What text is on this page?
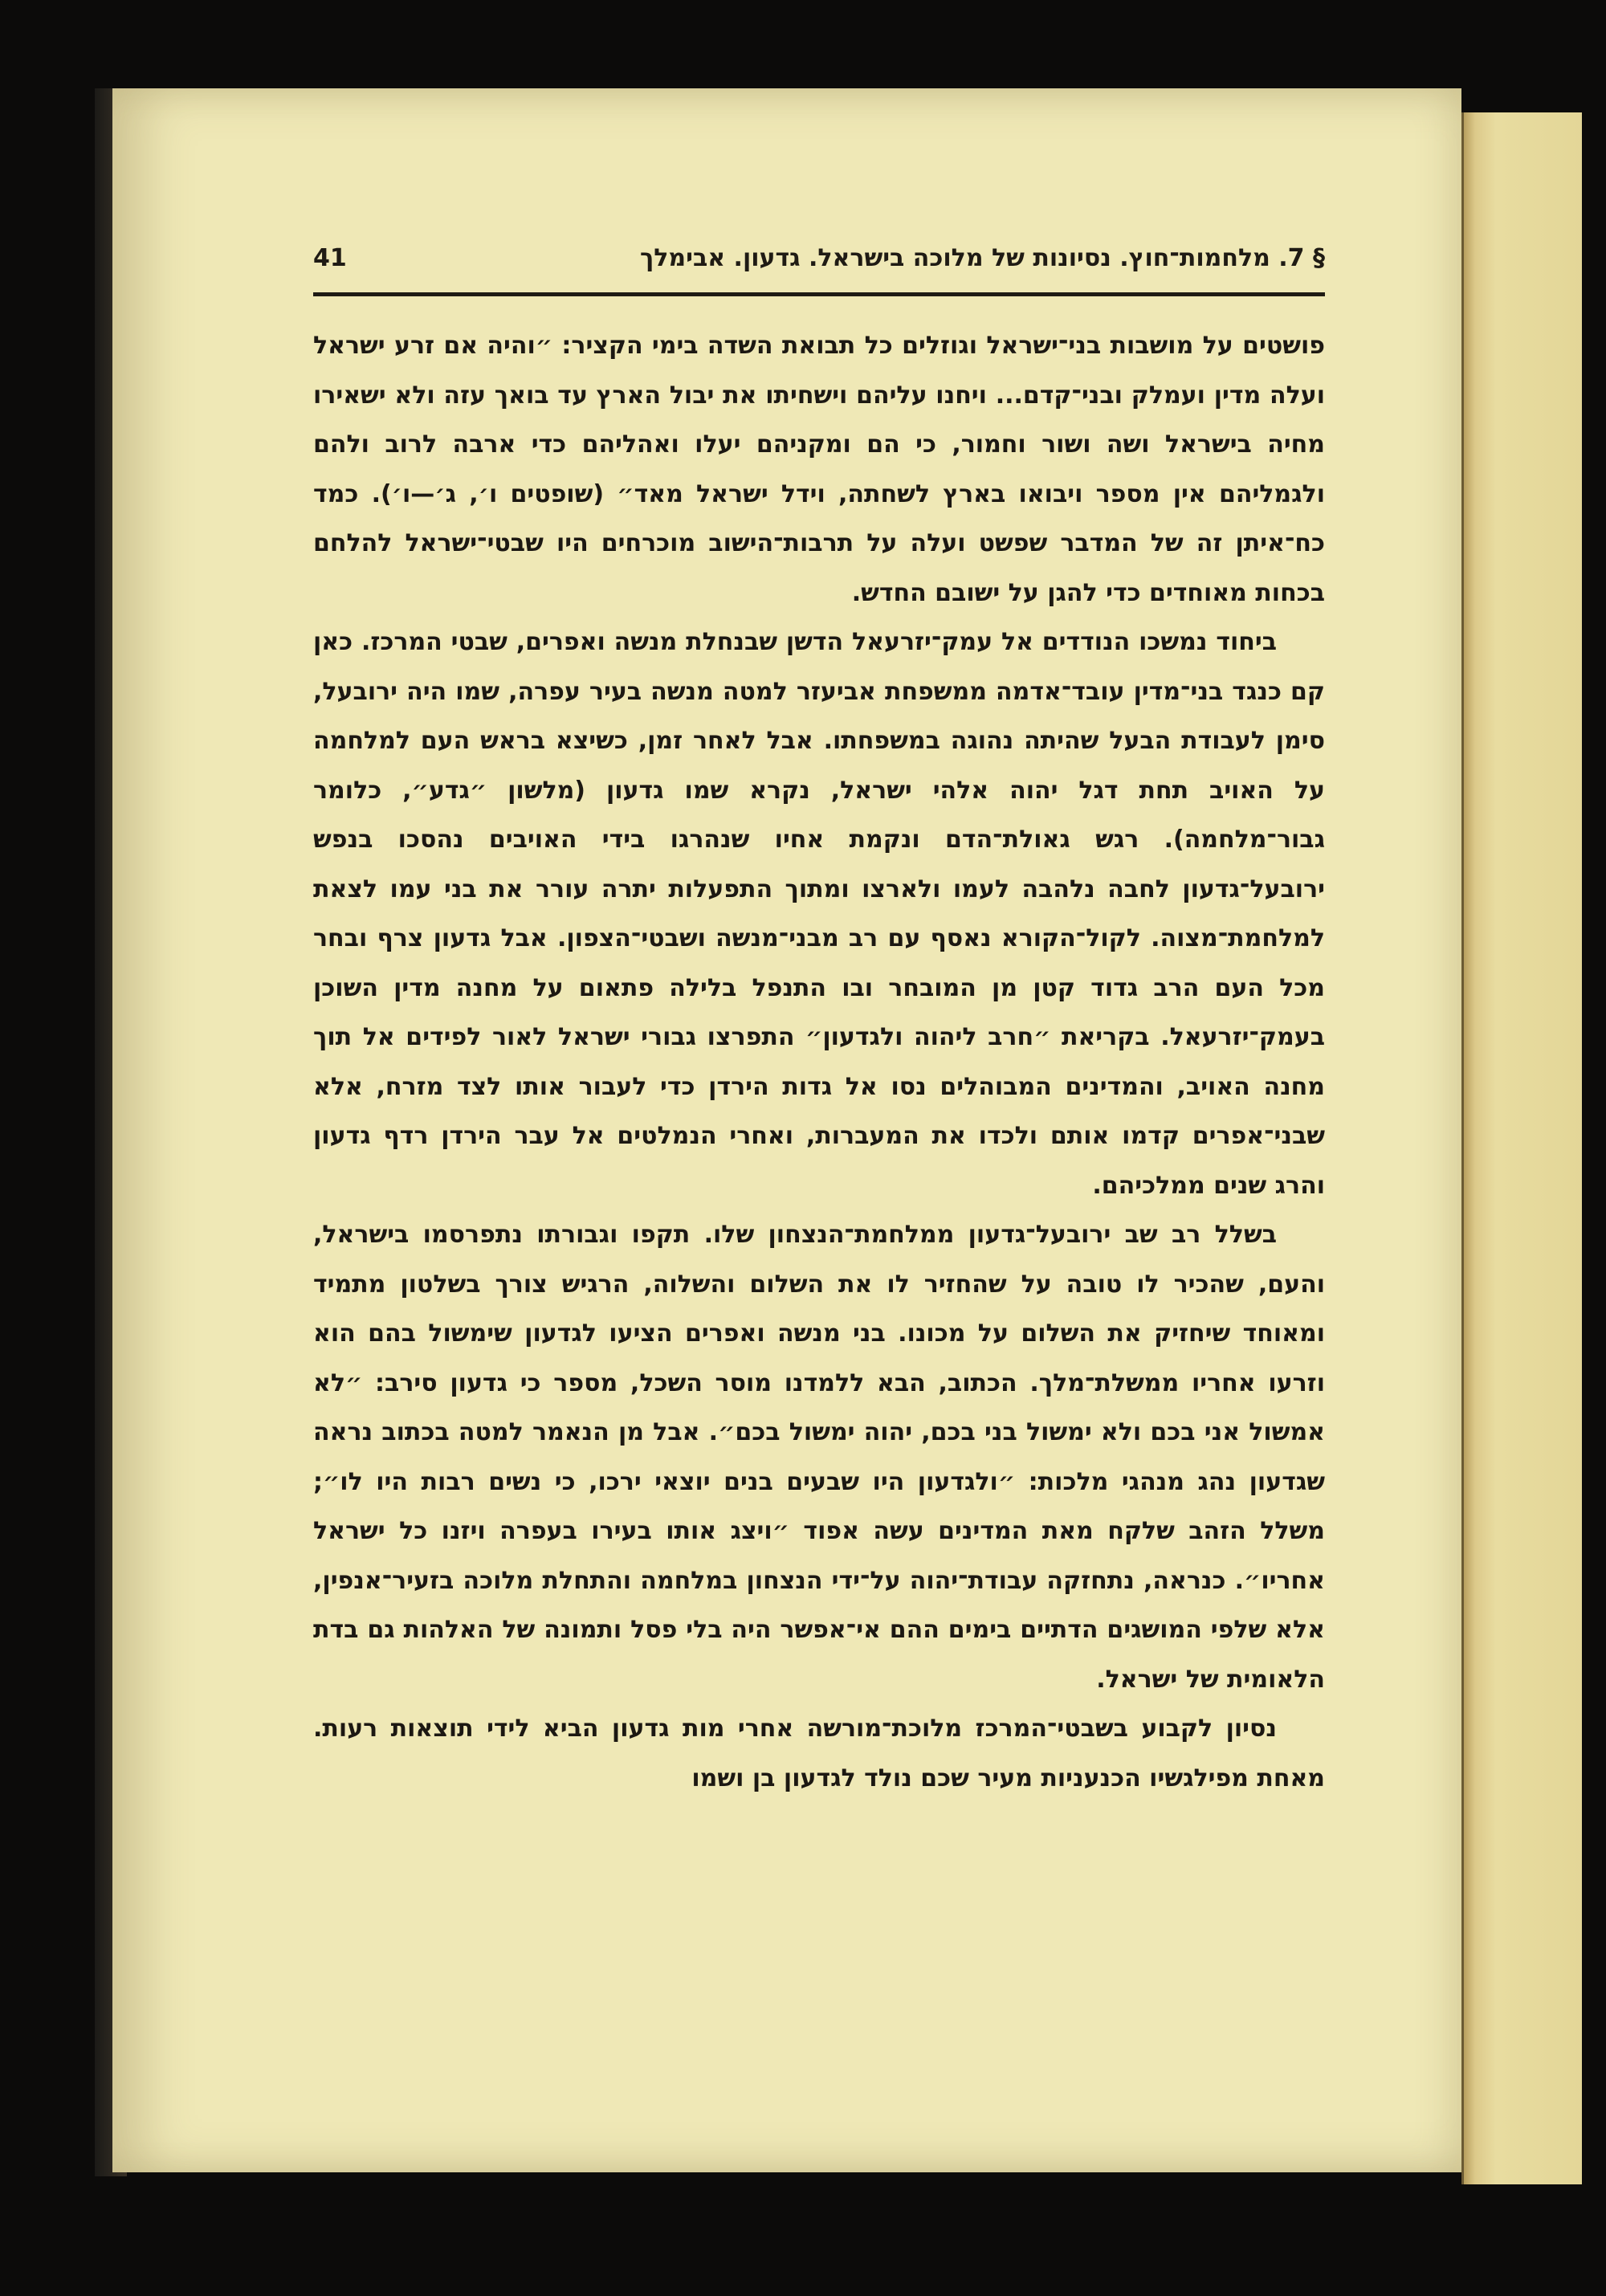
§ 7. מלחמות־חוץ. נסיונות של מלוכה בישראל. גדעון. אבימלך
41

פושטים על מושבות בני־ישראל וגוזלים כל תבואת השדה בימי הקציר: ״והיה אם זרע ישראל ועלה מדין ועמלק ובני־קדם... ויחנו עליהם וישחיתו את יבול הארץ עד בואך עזה ולא ישאירו מחיה בישראל ושה ושור וחמור, כי הם ומקניהם יעלו ואהליהם כדי ארבה לרוב ולהם ולגמליהם אין מספר ויבואו בארץ לשחתה, וידל ישראל מאד״ (שופטים ו׳, ג׳—ו׳). כמד כח־איתן זה של המדבר שפשט ועלה על תרבות־הישוב מוכרחים היו שבטי־ישראל להלחם בכחות מאוחדים כדי להגן על ישובם החדש.

ביחוד נמשכו הנודדים אל עמק־יזרעאל הדשן שבנחלת מנשה ואפרים, שבטי המרכז. כאן קם כנגד בני־מדין עובד־אדמה ממשפחת אביעזר למטה מנשה בעיר עפרה, שמו היה ירובעל, סימן לעבודת הבעל שהיתה נהוגה במשפחתו. אבל לאחר זמן, כשיצא בראש העם למלחמה על האויב תחת דגל יהוה אלהי ישראל, נקרא שמו גדעון (מלשון ״גדע״, כלומר גבור־מלחמה). רגש גאולת־הדם ונקמת אחיו שנהרגו בידי האויבים נהסכו בנפש ירובעל־גדעון לחבה נלהבה לעמו ולארצו ומתוך התפעלות יתרה עורר את בני עמו לצאת למלחמת־מצוה. לקול־הקורא נאסף עם רב מבני־מנשה ושבטי־הצפון. אבל גדעון צרף ובחר מכל העם הרב גדוד קטן מן המובחר ובו התנפל בלילה פתאום על מחנה מדין השוכן בעמק־יזרעאל. בקריאת ״חרב ליהוה ולגדעון״ התפרצו גבורי ישראל לאור לפידים אל תוך מחנה האויב, והמדינים המבוהלים נסו אל גדות הירדן כדי לעבור אותו לצד מזרח, אלא שבני־אפרים קדמו אותם ולכדו את המעברות, ואחרי הנמלטים אל עבר הירדן רדף גדעון והרג שנים ממלכיהם.

בשלל רב שב ירובעל־גדעון ממלחמת־הנצחון שלו. תקפו וגבורתו נתפרסמו בישראל, והעם, שהכיר לו טובה על שהחזיר לו את השלום והשלוה, הרגיש צורך בשלטון מתמיד ומאוחד שיחזיק את השלום על מכונו. בני מנשה ואפרים הציעו לגדעון שימשול בהם הוא וזרעו אחריו ממשלת־מלך. הכתוב, הבא ללמדנו מוסר השכל, מספר כי גדעון סירב: ״לא אמשול אני בכם ולא ימשול בני בכם, יהוה ימשול בכם״. אבל מן הנאמר למטה בכתוב נראה שגדעון נהג מנהגי מלכות: ״ולגדעון היו שבעים בנים יוצאי ירכו, כי נשים רבות היו לו״; משלל הזהב שלקח מאת המדינים עשה אפוד ״ויצג אותו בעירו בעפרה ויזנו כל ישראל אחריו״. כנראה, נתחזקה עבודת־יהוה על־ידי הנצחון במלחמה והתחלת מלוכה בזעיר־אנפין, אלא שלפי המושגים הדתיים בימים ההם אי־אפשר היה בלי פסל ותמונה של האלהות גם בדת הלאומית של ישראל.

נסיון לקבוע בשבטי־המרכז מלוכת־מורשה אחרי מות גדעון הביא לידי תוצאות רעות. מאחת מפילגשיו הכנעניות מעיר שכם נולד לגדעון בן ושמו
